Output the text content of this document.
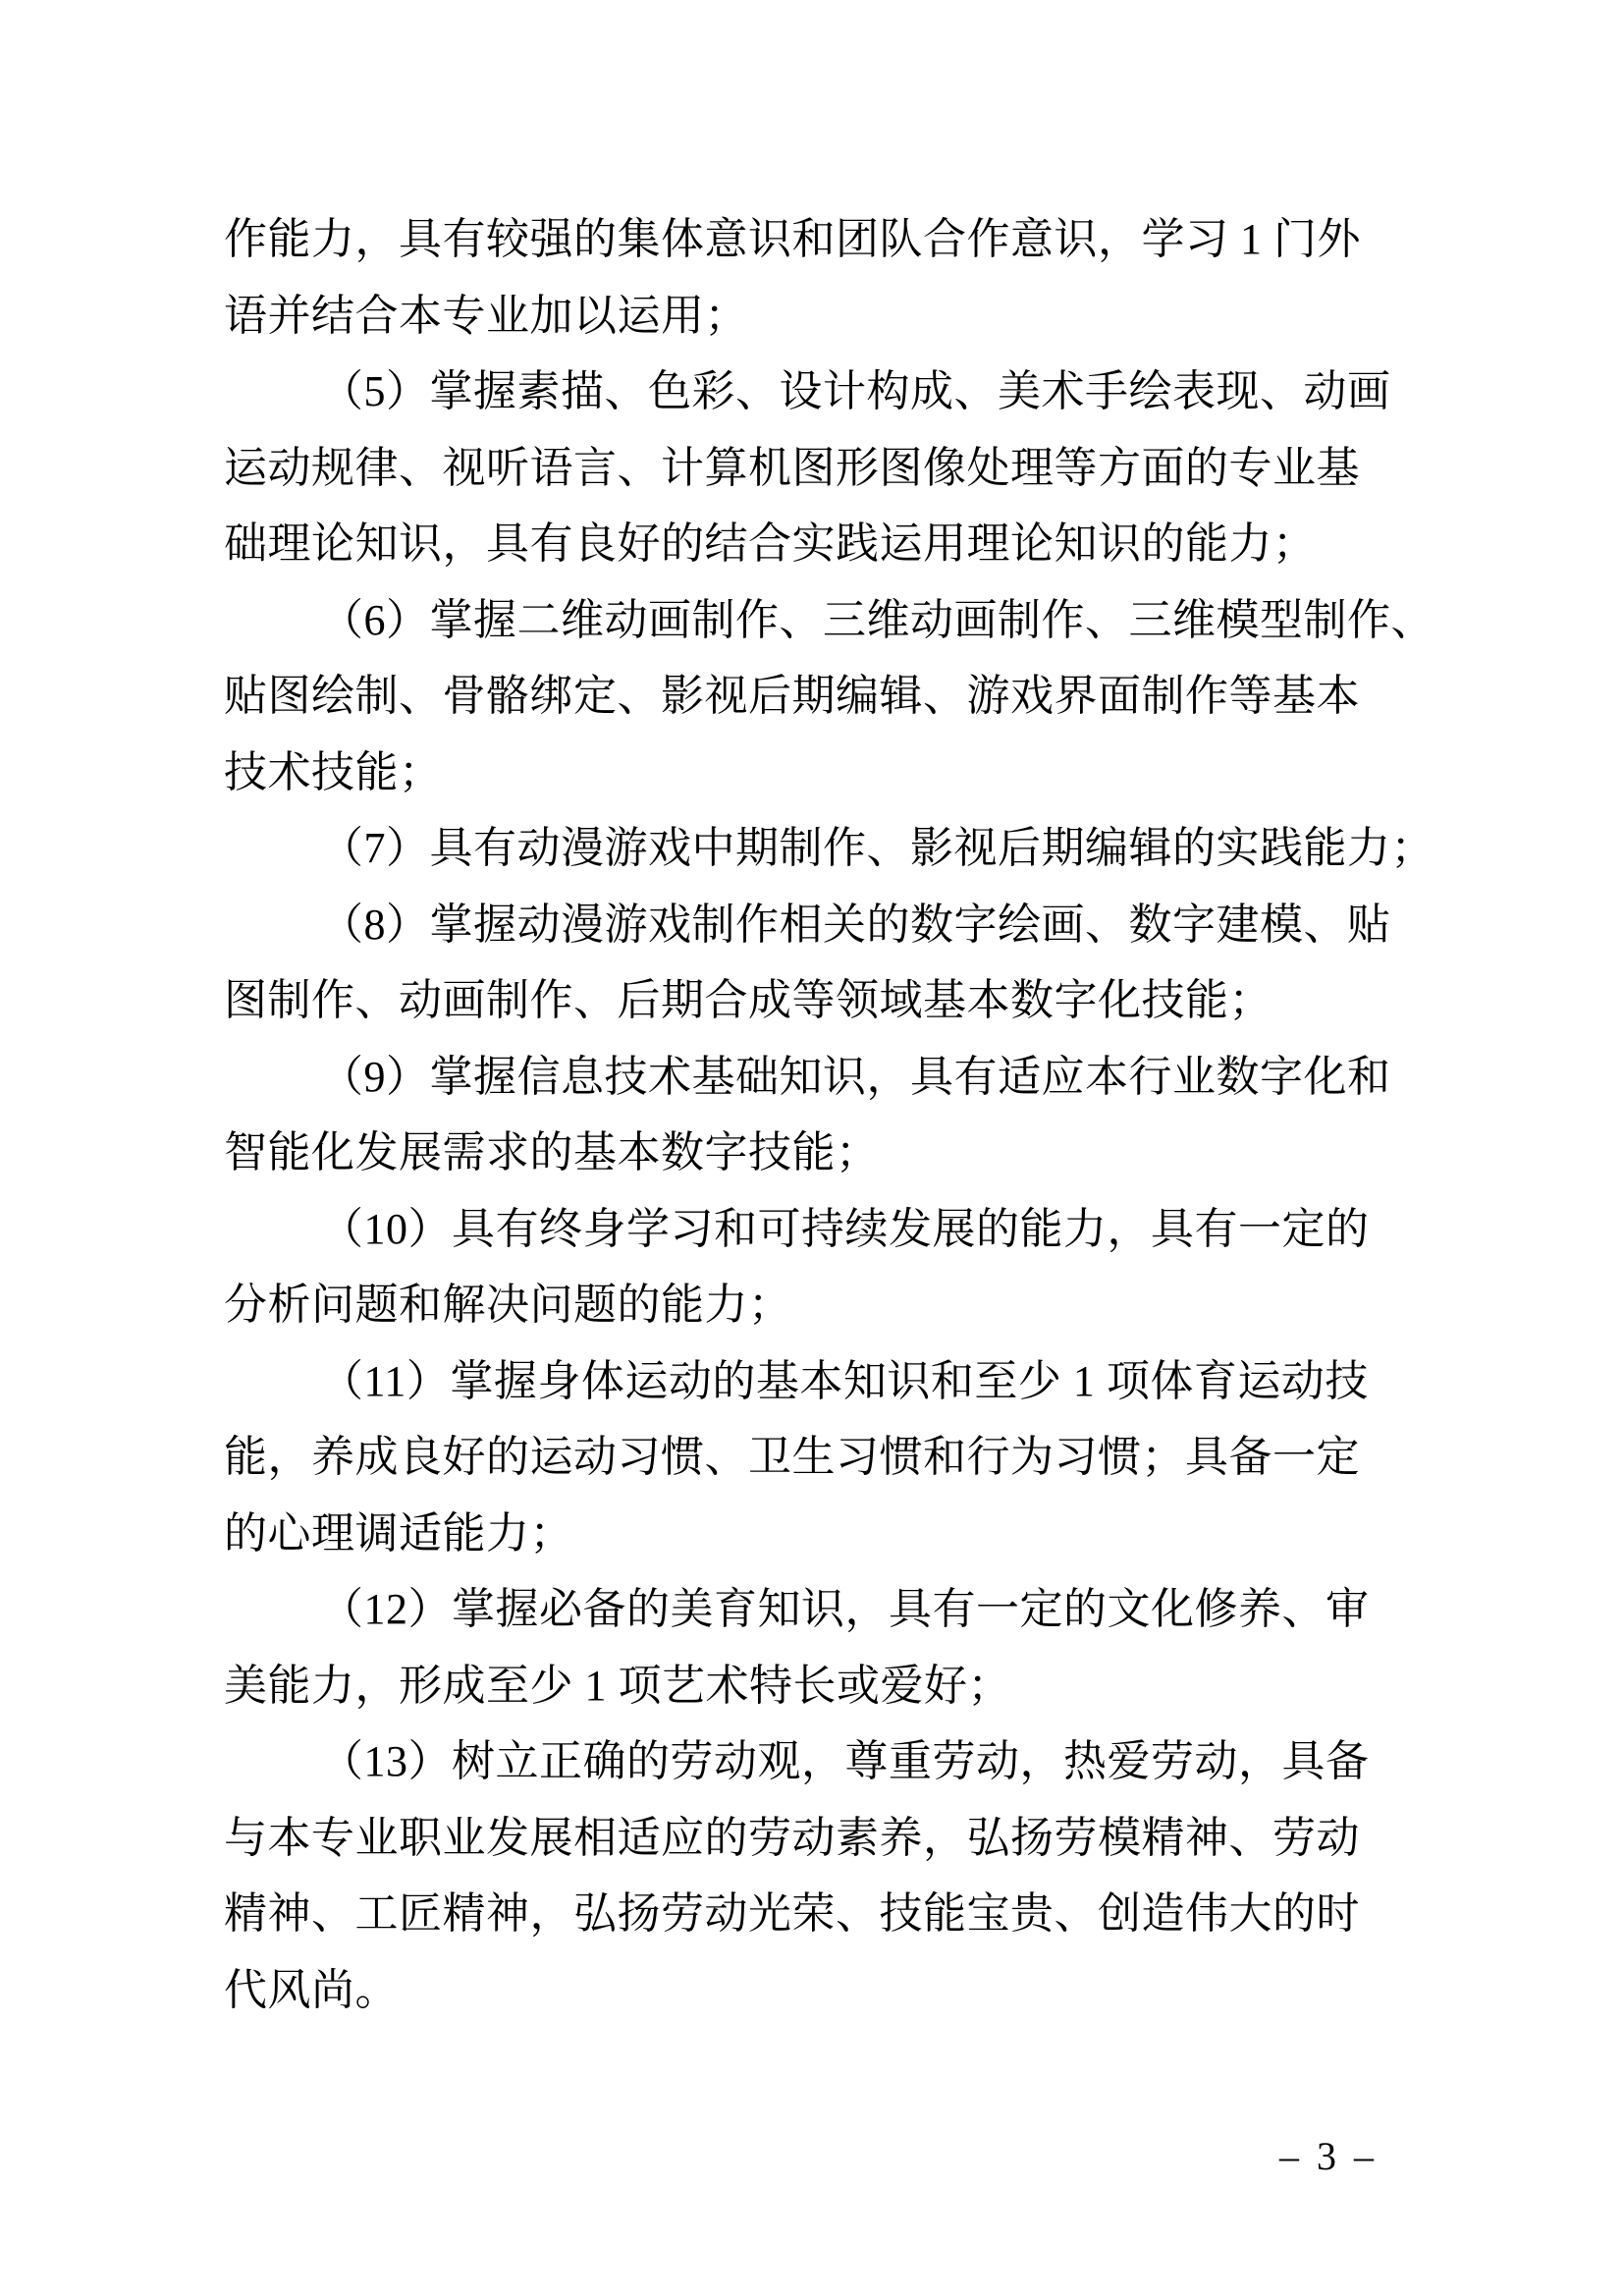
作能力，具有较强的集体意识和团队合作意识，学习 1 门外
语并结合本专业加以运用；
（5）掌握素描、色彩、设计构成、美术手绘表现、动画
运动规律、视听语言、计算机图形图像处理等方面的专业基
础理论知识，具有良好的结合实践运用理论知识的能力；
（6）掌握二维动画制作、三维动画制作、三维模型制作、
贴图绘制、骨骼绑定、影视后期编辑、游戏界面制作等基本
技术技能；
（7）具有动漫游戏中期制作、影视后期编辑的实践能力；
（8）掌握动漫游戏制作相关的数字绘画、数字建模、贴
图制作、动画制作、后期合成等领域基本数字化技能；
（9）掌握信息技术基础知识，具有适应本行业数字化和
智能化发展需求的基本数字技能；
（10）具有终身学习和可持续发展的能力，具有一定的
分析问题和解决问题的能力；
（11）掌握身体运动的基本知识和至少 1 项体育运动技
能，养成良好的运动习惯、卫生习惯和行为习惯；具备一定
的心理调适能力；
（12）掌握必备的美育知识，具有一定的文化修养、审
美能力，形成至少 1 项艺术特长或爱好；
（13）树立正确的劳动观，尊重劳动，热爱劳动，具备
与本专业职业发展相适应的劳动素养，弘扬劳模精神、劳动
精神、工匠精神，弘扬劳动光荣、技能宝贵、创造伟大的时
代风尚。
– 3 –
